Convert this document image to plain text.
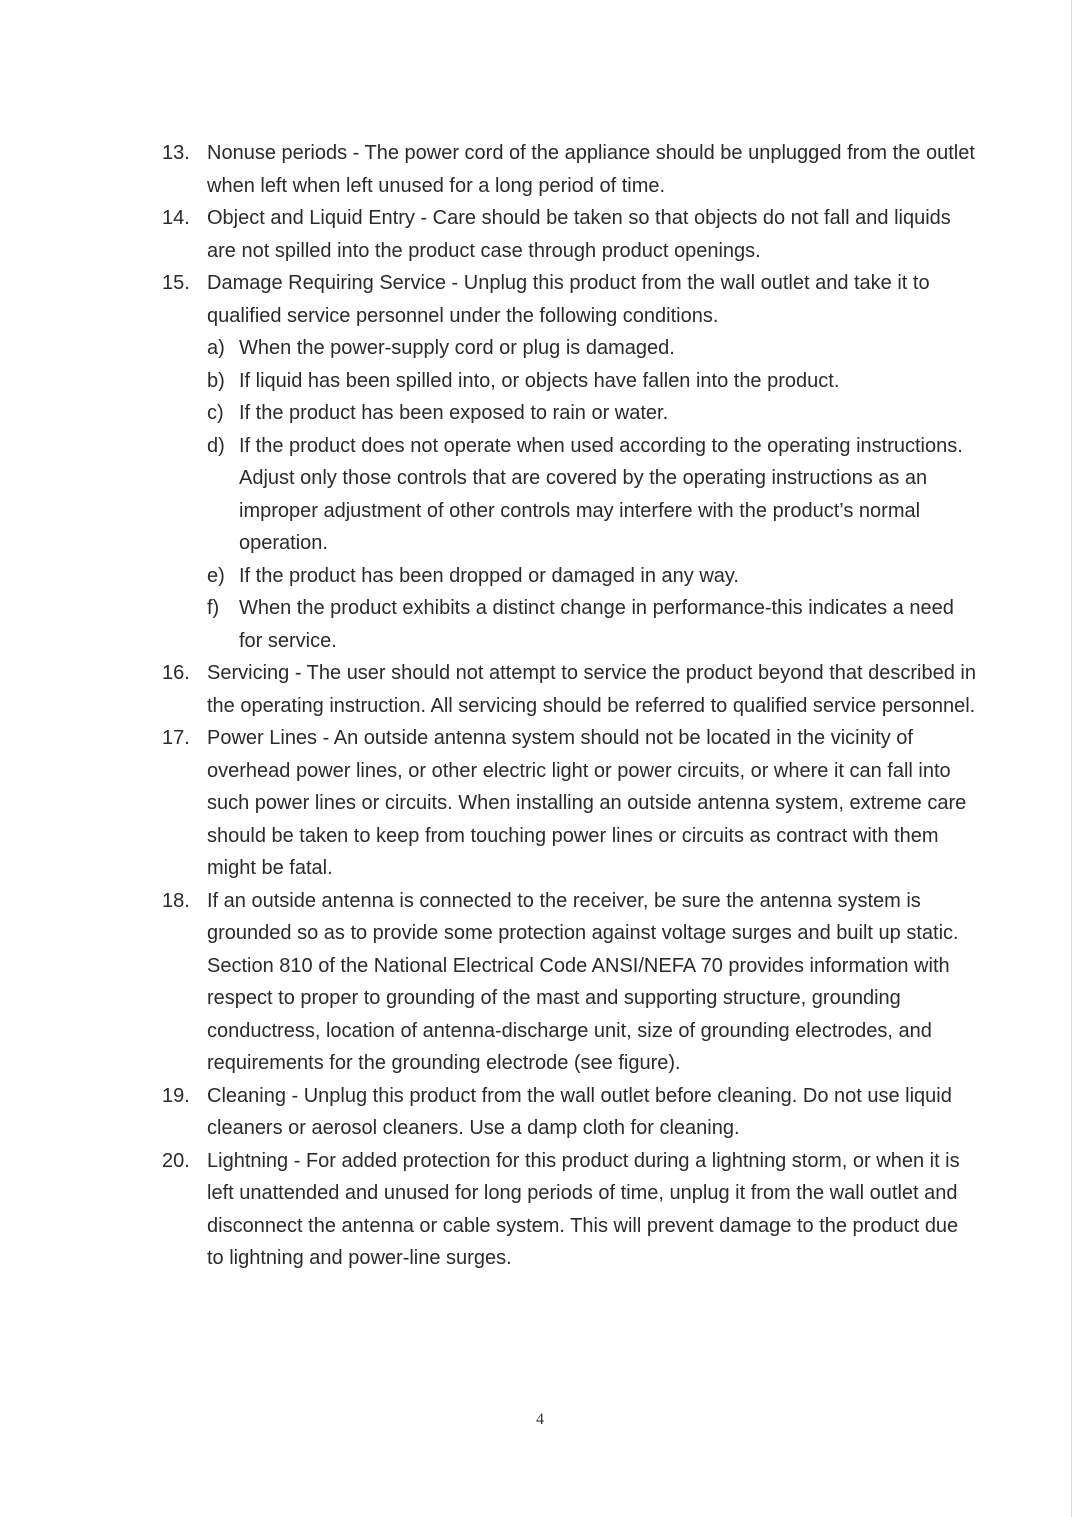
13. Nonuse periods - The power cord of the appliance should be unplugged from the outlet when left when left unused for a long period of time.
14. Object and Liquid Entry - Care should be taken so that objects do not fall and liquids are not spilled into the product case through product openings.
15. Damage Requiring Service - Unplug this product from the wall outlet and take it to qualified service personnel under the following conditions.
a) When the power-supply cord or plug is damaged.
b) If liquid has been spilled into, or objects have fallen into the product.
c) If the product has been exposed to rain or water.
d) If the product does not operate when used according to the operating instructions.
Adjust only those controls that are covered by the operating instructions as an improper adjustment of other controls may interfere with the product’s normal operation.
e) If the product has been dropped or damaged in any way.
f) When the product exhibits a distinct change in performance-this indicates a need for service.
16. Servicing - The user should not attempt to service the product beyond that described in the operating instruction. All servicing should be referred to qualified service personnel.
17. Power Lines - An outside antenna system should not be located in the vicinity of overhead power lines, or other electric light or power circuits, or where it can fall into such power lines or circuits. When installing an outside antenna system, extreme care should be taken to keep from touching power lines or circuits as contract with them might be fatal.
18. If an outside antenna is connected to the receiver, be sure the antenna system is grounded so as to provide some protection against voltage surges and built up static. Section 810 of the National Electrical Code ANSI/NEFA 70 provides information with respect to proper to grounding of the mast and supporting structure, grounding conductress, location of antenna-discharge unit, size of grounding electrodes, and requirements for the grounding electrode (see figure).
19. Cleaning - Unplug this product from the wall outlet before cleaning. Do not use liquid cleaners or aerosol cleaners. Use a damp cloth for cleaning.
20. Lightning - For added protection for this product during a lightning storm, or when it is left unattended and unused for long periods of time, unplug it from the wall outlet and disconnect the antenna or cable system. This will prevent damage to the product due to lightning and power-line surges.
4
